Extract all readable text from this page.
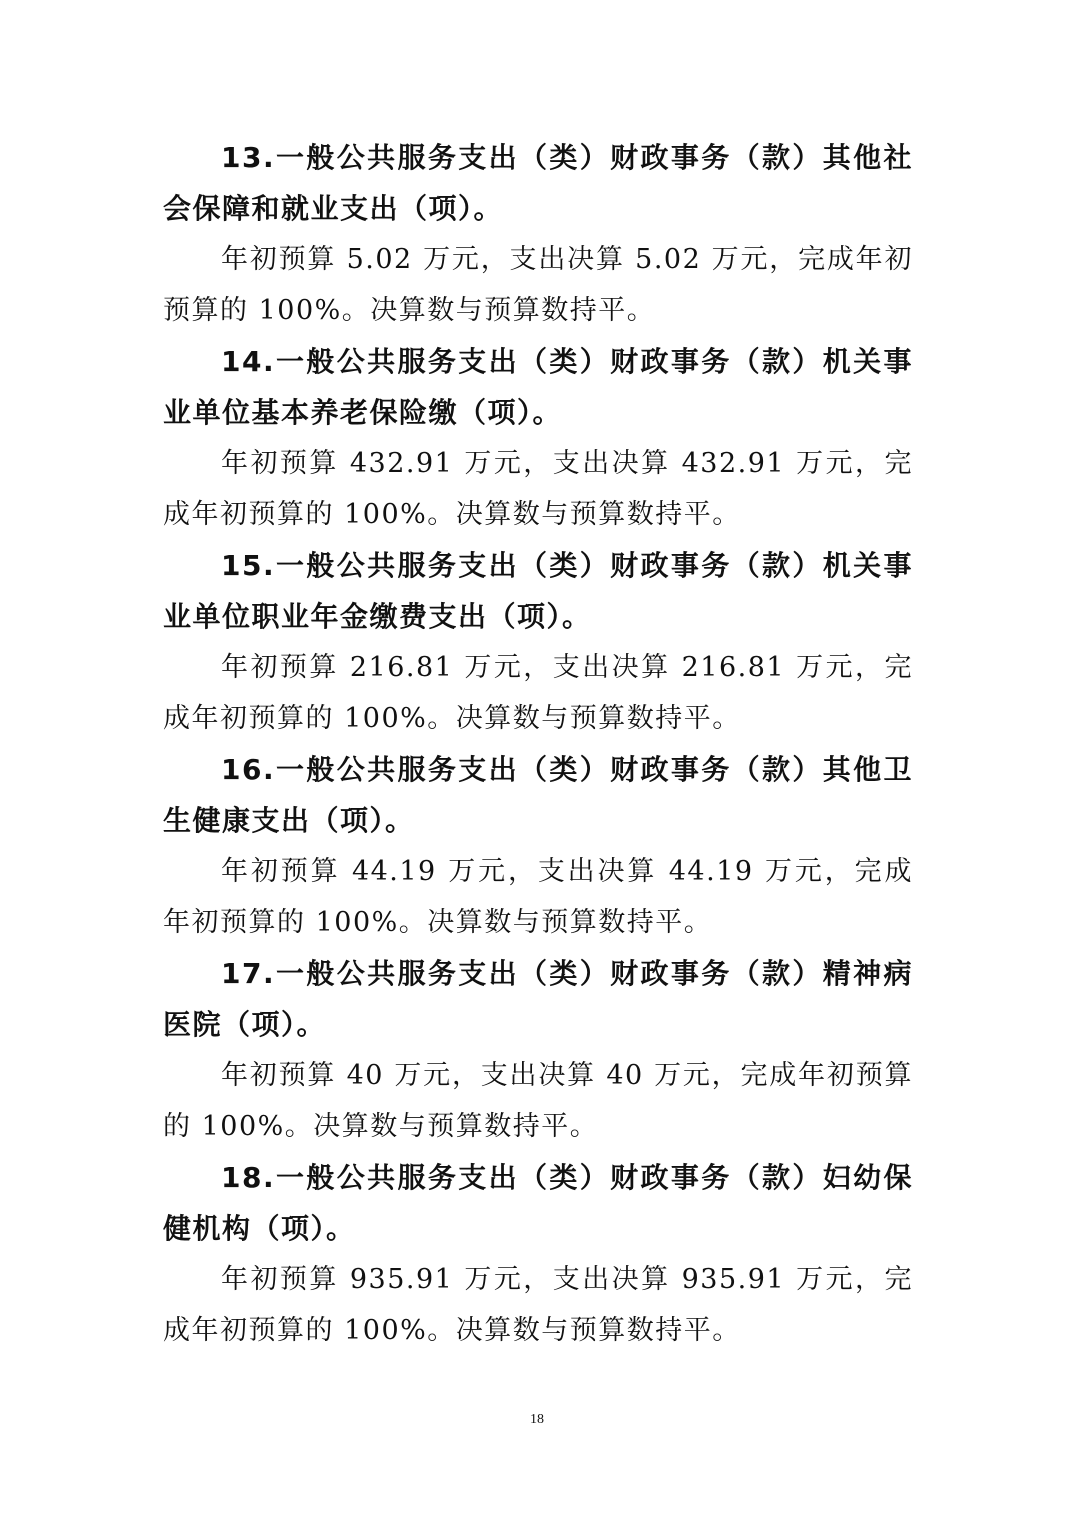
13.一般公共服务支出（类）财政事务（款）其他社会保障和就业支出（项）。

年初预算 5.02 万元，支出决算 5.02 万元，完成年初预算的 100%。决算数与预算数持平。

14.一般公共服务支出（类）财政事务（款）机关事业单位基本养老保险缴（项）。

年初预算 432.91 万元，支出决算 432.91 万元，完成年初预算的 100%。决算数与预算数持平。

15.一般公共服务支出（类）财政事务（款）机关事业单位职业年金缴费支出（项）。

年初预算 216.81 万元，支出决算 216.81 万元，完成年初预算的 100%。决算数与预算数持平。

16.一般公共服务支出（类）财政事务（款）其他卫生健康支出（项）。

年初预算 44.19 万元，支出决算 44.19 万元，完成年初预算的 100%。决算数与预算数持平。

17.一般公共服务支出（类）财政事务（款）精神病医院（项）。

年初预算 40 万元，支出决算 40 万元，完成年初预算的 100%。决算数与预算数持平。

18.一般公共服务支出（类）财政事务（款）妇幼保健机构（项）。

年初预算 935.91 万元，支出决算 935.91 万元，完成年初预算的 100%。决算数与预算数持平。

18
